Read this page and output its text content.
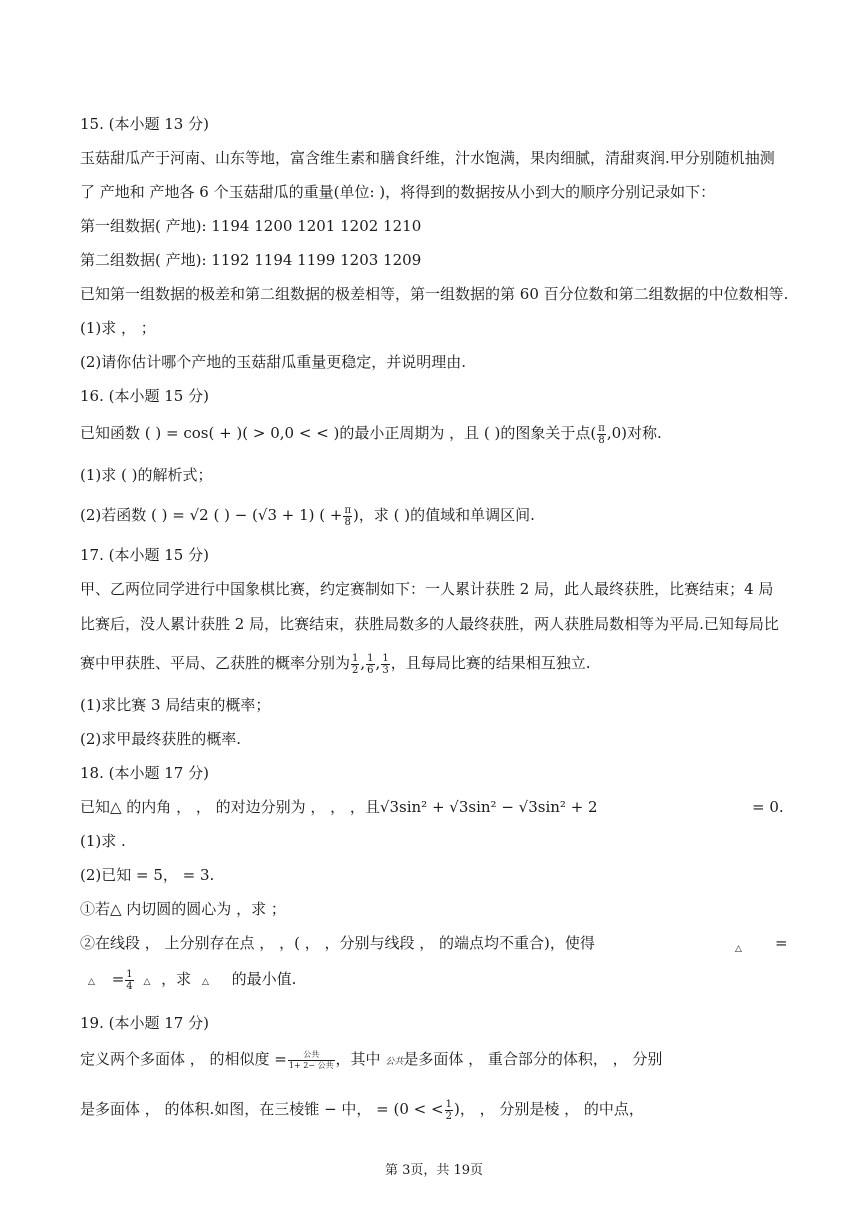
15. (本小题 13 分)
玉菇甜瓜产于河南、山东等地，富含维生素和膳食纤维，汁水饱满，果肉细腻，清甜爽润.甲分别随机抽测
了 产地和 产地各 6 个玉菇甜瓜的重量(单位: )，将得到的数据按从小到大的顺序分别记录如下：
第一组数据( 产地): 1194 1200 1201 1202 1210
第二组数据( 产地): 1192 1194 1199 1203 1209
已知第一组数据的极差和第二组数据的极差相等，第一组数据的第 60 百分位数和第二组数据的中位数相等.
(1)求 ， ；
(2)请你估计哪个产地的玉菇甜瓜重量更稳定，并说明理由.
16. (本小题 15 分)
已知函数 ( ) = cos( + )( > 0,0 < < )的最小正周期为 ，且 ( )的图象关于点( $\frac{\pi}{8} ,0$)对称.
(1)求 ( )的解析式；
(2)若函数 ( ) = √2 ( ) − (√3 + 1) ( + $\frac{\pi}{8}$ )，求 ( )的值域和单调区间.
17. (本小题 15 分)
甲、乙两位同学进行中国象棋比赛，约定赛制如下：一人累计获胜 2 局，此人最终获胜，比赛结束；4 局
比赛后，没人累计获胜 2 局，比赛结束，获胜局数多的人最终获胜，两人获胜局数相等为平局.已知每局比
赛中甲获胜、平局、乙获胜的概率分别为 $\frac{1}{2}$ , $\frac{1}{6}$ , $\frac{1}{3}$ ，且每局比赛的结果相互独立.
(1)求比赛 3 局结束的概率；
(2)求甲最终获胜的概率.
18. (本小题 17 分)
已知△ 的内角 ， ， 的对边分别为 ， ， ，且√3sin² + √3sin² − √3sin² + 2	= 0.
(1)求 .
(2)已知 = 5， = 3.
①若△ 内切圆的圆心为 ，求 ；
②在线段 ， 上分别存在点 ， ，( ， ，分别与线段 ， 的端点均不重合)，使得	△ =
△ = $\frac{1}{4}$ △ ，求 △ 的最小值.
19. (本小题 17 分)
定义两个多面体 ， 的相似度 = $\frac{\text{公共}}{\text{1+ 2− 公共}}$ ，其中 公共是多面体 ， 重合部分的体积， ， 分别
是多面体 ， 的体积.如图，在三棱锥 − 中， = (0 < < $\frac{1}{2}$ )， ， 分别是棱 ， 的中点，
第 3页，共 19页
